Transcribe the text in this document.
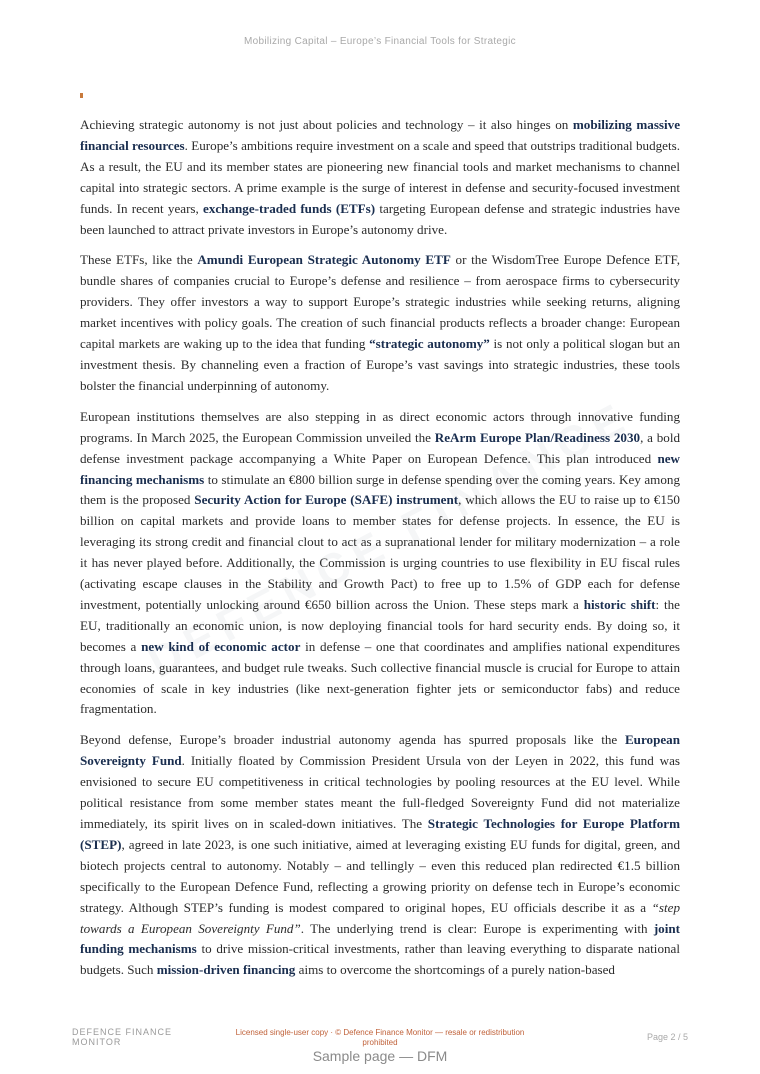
Mobilizing Capital – Europe’s Financial Tools for Strategic

Achieving strategic autonomy is not just about policies and technology – it also hinges on mobilizing massive financial resources. Europe’s ambitions require investment on a scale and speed that outstrips traditional budgets. As a result, the EU and its member states are pioneering new financial tools and market mechanisms to channel capital into strategic sectors. A prime example is the surge of interest in defense and security-focused investment funds. In recent years, exchange-traded funds (ETFs) targeting European defense and strategic industries have been launched to attract private investors in Europe’s autonomy drive.

These ETFs, like the Amundi European Strategic Autonomy ETF or the WisdomTree Europe Defence ETF, bundle shares of companies crucial to Europe’s defense and resilience – from aerospace firms to cybersecurity providers. They offer investors a way to support Europe’s strategic industries while seeking returns, aligning market incentives with policy goals. The creation of such financial products reflects a broader change: European capital markets are waking up to the idea that funding “strategic autonomy” is not only a political slogan but an investment thesis. By channeling even a fraction of Europe’s vast savings into strategic industries, these tools bolster the financial underpinning of autonomy.

European institutions themselves are also stepping in as direct economic actors through innovative funding programs. In March 2025, the European Commission unveiled the ReArm Europe Plan/Readiness 2030, a bold defense investment package accompanying a White Paper on European Defence. This plan introduced new financing mechanisms to stimulate an €800 billion surge in defense spending over the coming years. Key among them is the proposed Security Action for Europe (SAFE) instrument, which allows the EU to raise up to €150 billion on capital markets and provide loans to member states for defense projects. In essence, the EU is leveraging its strong credit and financial clout to act as a supranational lender for military modernization – a role it has never played before. Additionally, the Commission is urging countries to use flexibility in EU fiscal rules (activating escape clauses in the Stability and Growth Pact) to free up to 1.5% of GDP each for defense investment, potentially unlocking around €650 billion across the Union. These steps mark a historic shift: the EU, traditionally an economic union, is now deploying financial tools for hard security ends. By doing so, it becomes a new kind of economic actor in defense – one that coordinates and amplifies national expenditures through loans, guarantees, and budget rule tweaks. Such collective financial muscle is crucial for Europe to attain economies of scale in key industries (like next-generation fighter jets or semiconductor fabs) and reduce fragmentation.

Beyond defense, Europe’s broader industrial autonomy agenda has spurred proposals like the European Sovereignty Fund. Initially floated by Commission President Ursula von der Leyen in 2022, this fund was envisioned to secure EU competitiveness in critical technologies by pooling resources at the EU level. While political resistance from some member states meant the full-fledged Sovereignty Fund did not materialize immediately, its spirit lives on in scaled-down initiatives. The Strategic Technologies for Europe Platform (STEP), agreed in late 2023, is one such initiative, aimed at leveraging existing EU funds for digital, green, and biotech projects central to autonomy. Notably – and tellingly – even this reduced plan redirected €1.5 billion specifically to the European Defence Fund, reflecting a growing priority on defense tech in Europe’s economic strategy. Although STEP’s funding is modest compared to original hopes, EU officials describe it as a “step towards a European Sovereignty Fund”. The underlying trend is clear: Europe is experimenting with joint funding mechanisms to drive mission-critical investments, rather than leaving everything to disparate national budgets. Such mission-driven financing aims to overcome the shortcomings of a purely nation-based

DEFENCE FINANCE
MONITOR
Licensed single-user copy · © Defence Finance Monitor — resale or redistribution prohibited
Page 2 / 5
Sample page — DFM
